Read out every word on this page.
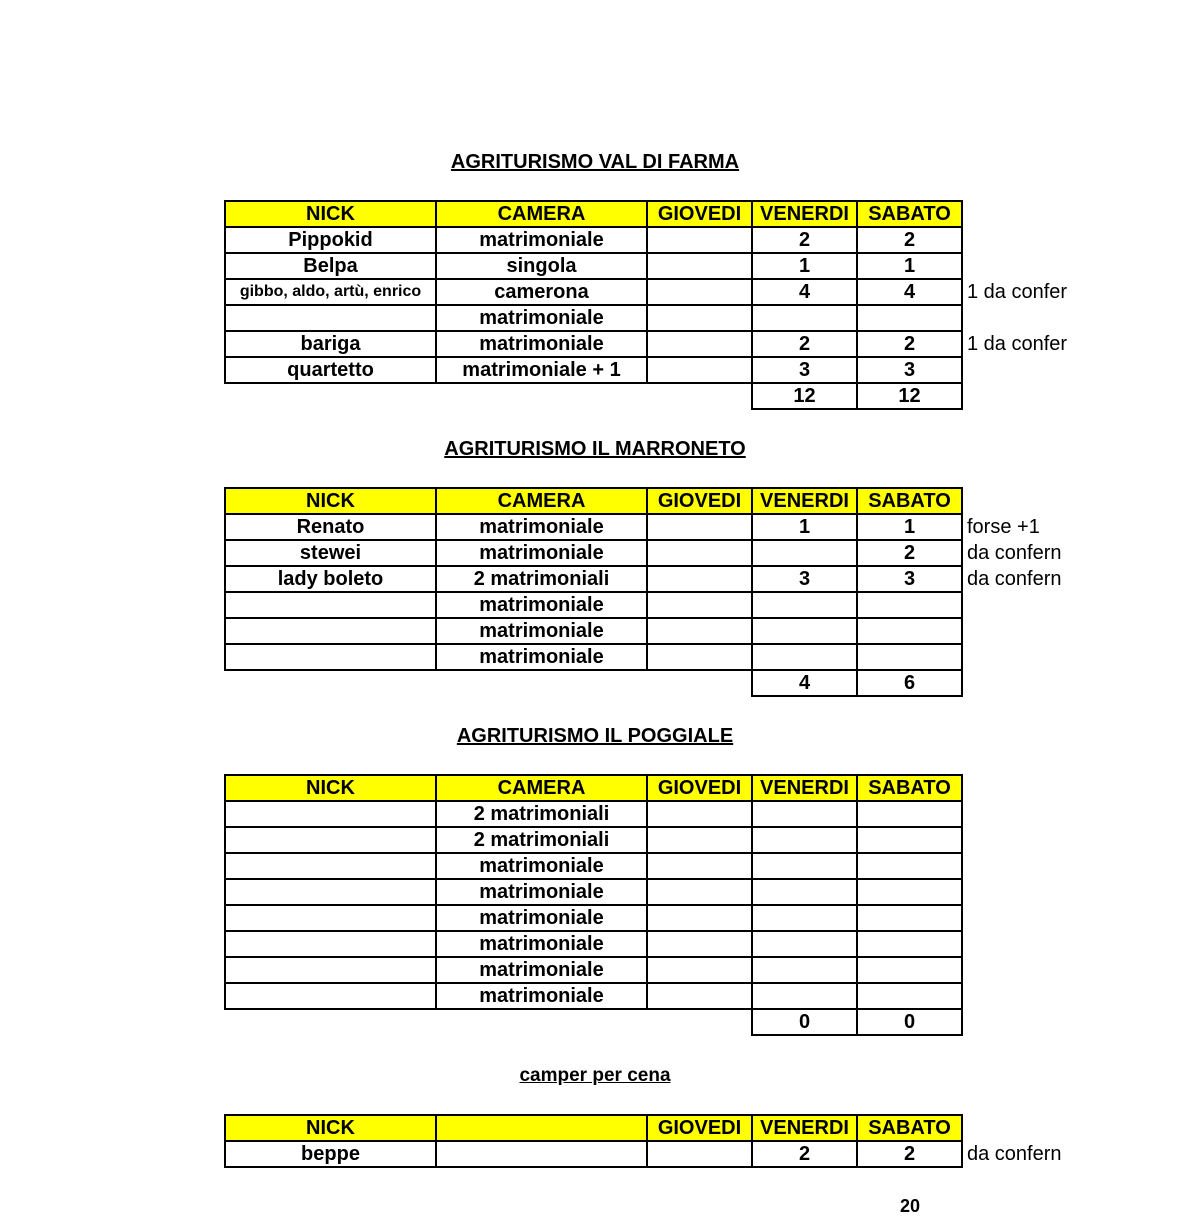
AGRITURISMO VAL DI FARMA
AGRITURISMO IL MARRONETO
AGRITURISMO IL POGGIALE
camper per cena
NICK	CAMERA	GIOVEDI	VENERDI	SABATO	
Pippokid	matrimoniale		2	2	
Belpa	singola		1	1	
gibbo, aldo, artù, enrico	camerona		4	4	1 da confer
	matrimoniale				
bariga	matrimoniale		2	2	1 da confer
quartetto	matrimoniale + 1		3	3	
			12	12	
NICK	CAMERA	GIOVEDI	VENERDI	SABATO	
Renato	matrimoniale		1	1	forse +1
stewei	matrimoniale			2	da confern
lady boleto	2 matrimoniali		3	3	da confern
	matrimoniale				
	matrimoniale				
	matrimoniale				
			4	6	
NICK	CAMERA	GIOVEDI	VENERDI	SABATO	
	2 matrimoniali				
	2 matrimoniali				
	matrimoniale				
	matrimoniale				
	matrimoniale				
	matrimoniale				
	matrimoniale				
	matrimoniale				
			0	0	
NICK		GIOVEDI	VENERDI	SABATO	
beppe			2	2	da confern
20
